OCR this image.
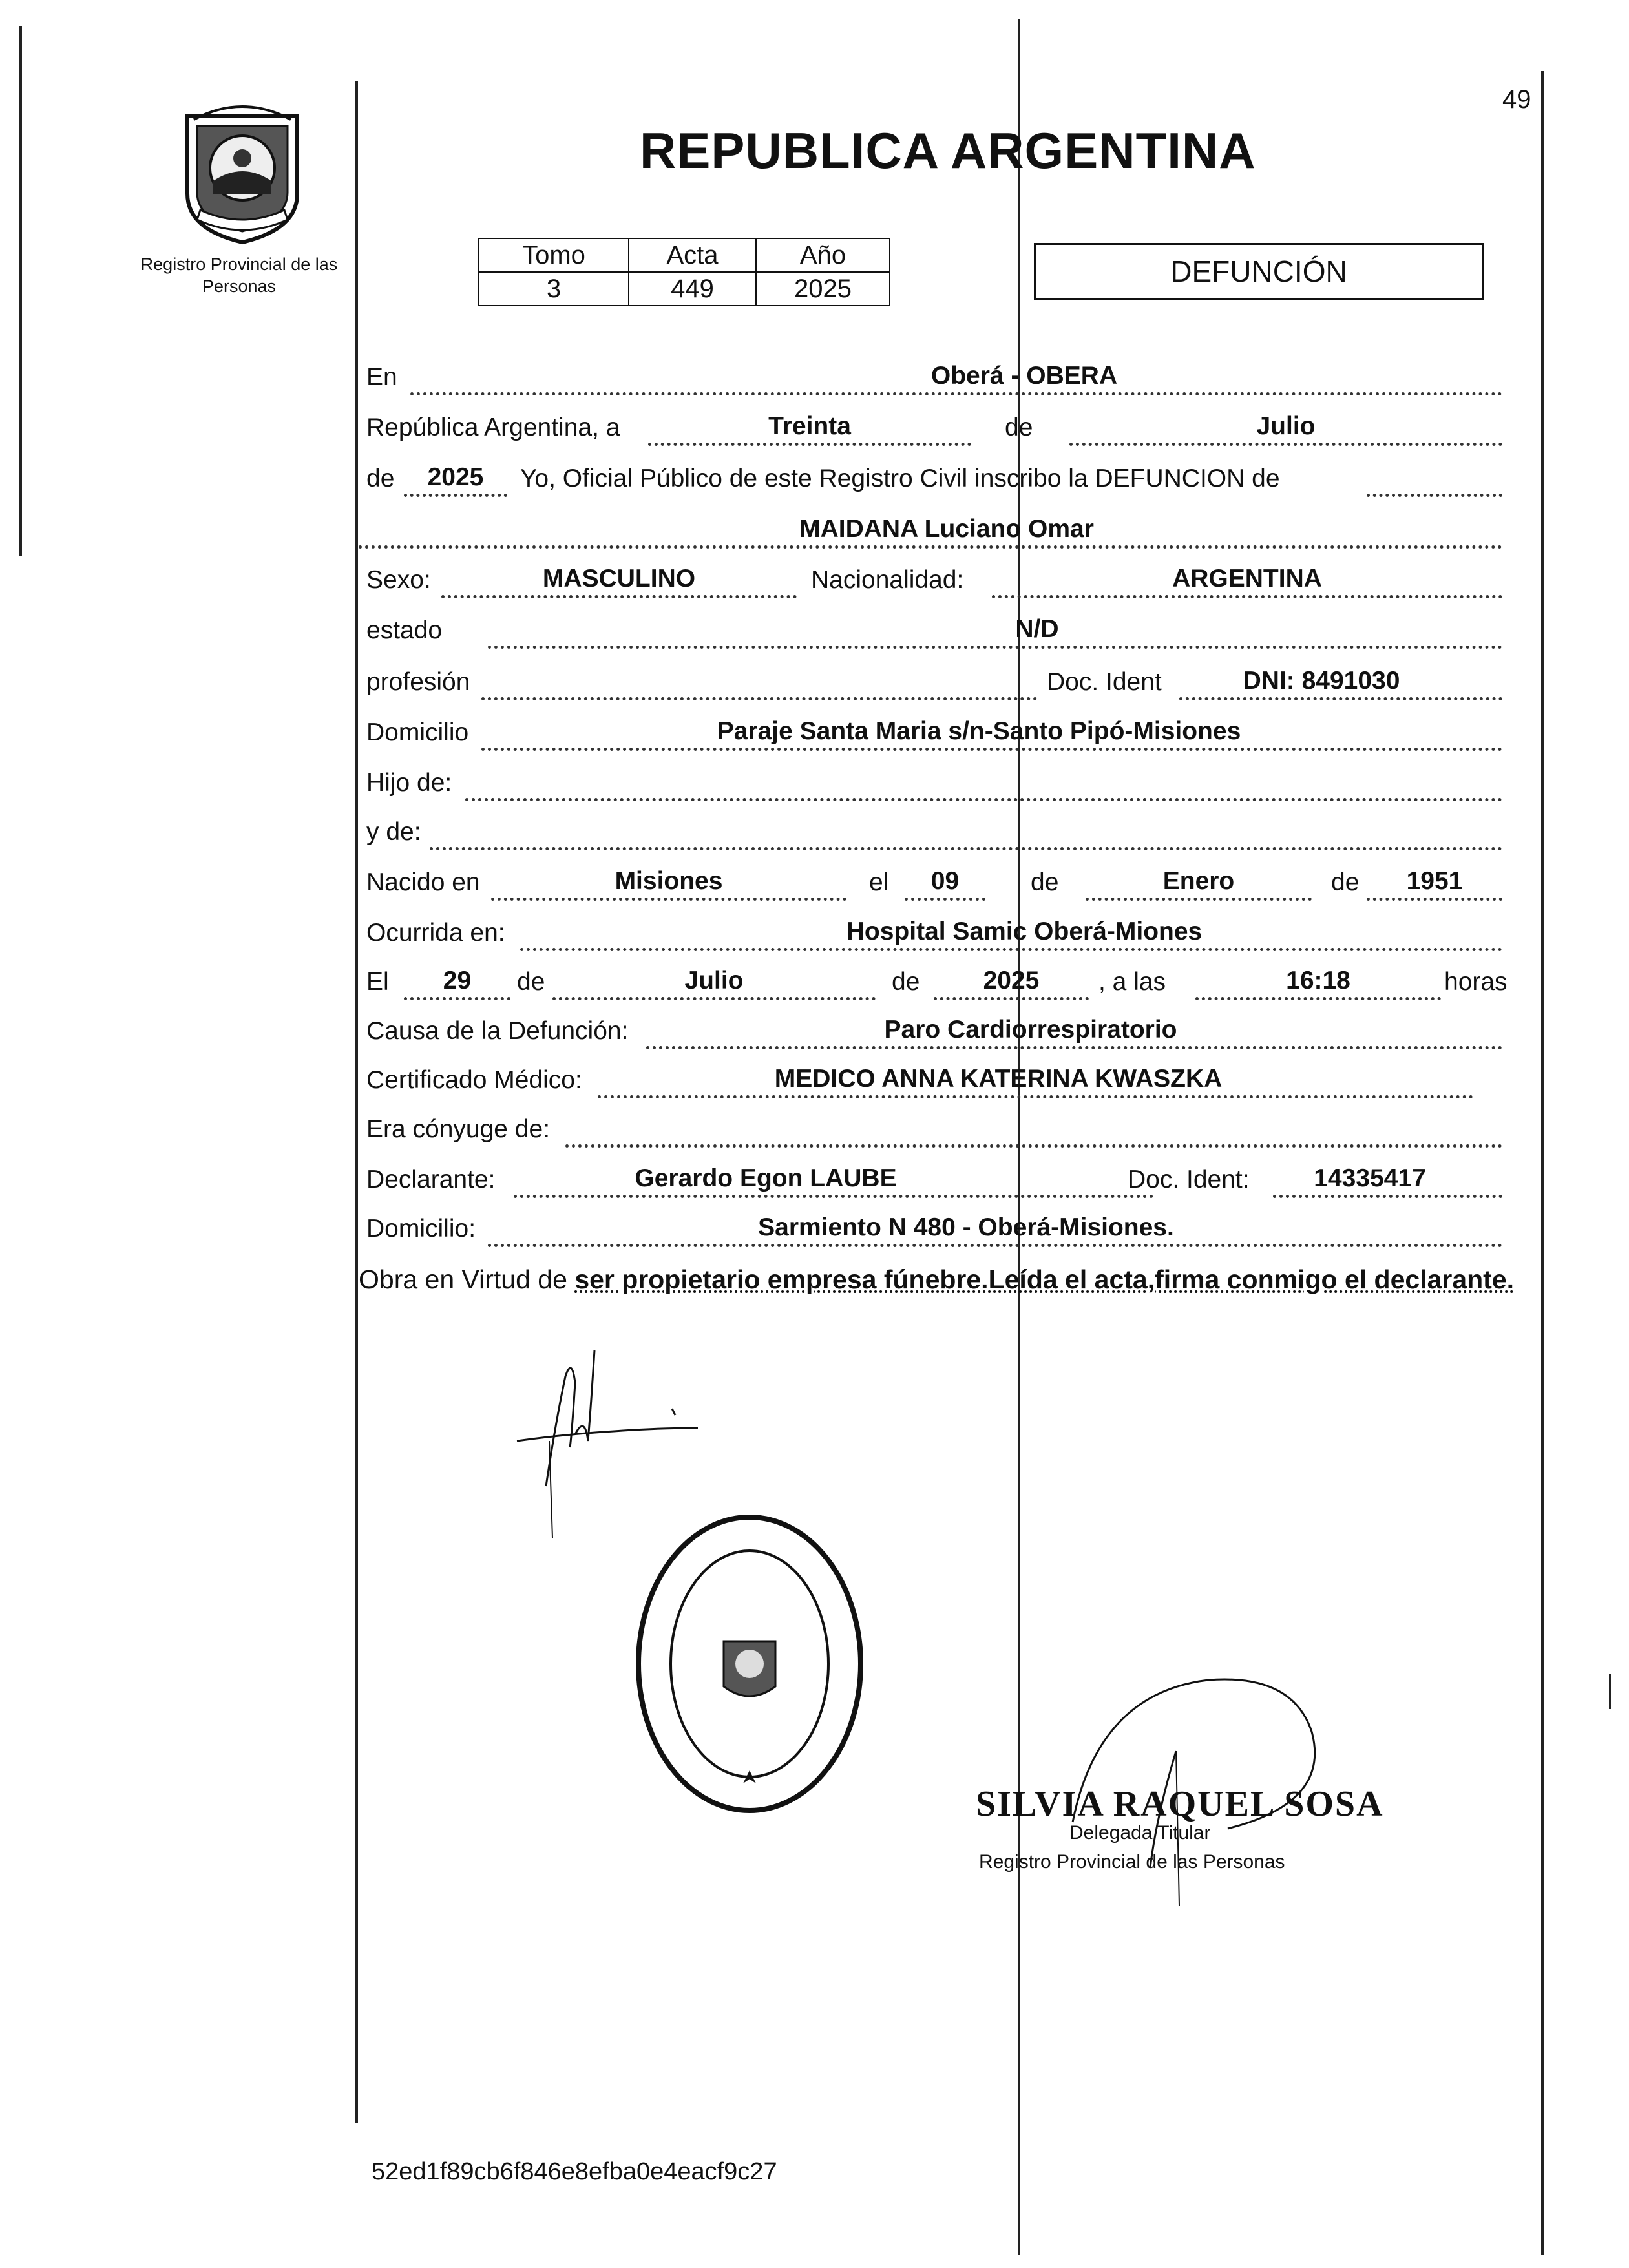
49
Registro Provincial de las Personas
REPUBLICA ARGENTINA
Tomo	Acta	Año
3	449	2025
DEFUNCIÓN
En	Oberá - OBERA
República Argentina, a	Treinta	de	Julio
de	2025	Yo, Oficial Público de este Registro Civil inscribo la DEFUNCION de
MAIDANA Luciano Omar
Sexo:	MASCULINO	Nacionalidad:	ARGENTINA
estado	N/D
profesión	Doc. Ident	DNI: 8491030
Domicilio	Paraje Santa Maria s/n-Santo Pipó-Misiones
Hijo de:
y de:
Nacido en	Misiones	el	09	de	Enero	de	1951
Ocurrida en:	Hospital Samic Oberá-Miones
El	29	de	Julio	de	2025	, a las	16:18	horas
Causa de la Defunción:	Paro Cardiorrespiratorio
Certificado Médico:	MEDICO ANNA KATERINA KWASZKA
Era cónyuge de:
Declarante:	Gerardo Egon LAUBE	Doc. Ident:	14335417
Domicilio:	Sarmiento N 480 - Oberá-Misiones.
Obra en Virtud de ser propietario empresa fúnebre.Leída el acta,firma conmigo el declarante.
SILVIA RAQUEL SOSA
Delegada Titular
Registro Provincial de las Personas
52ed1f89cb6f846e8efba0e4eacf9c27
